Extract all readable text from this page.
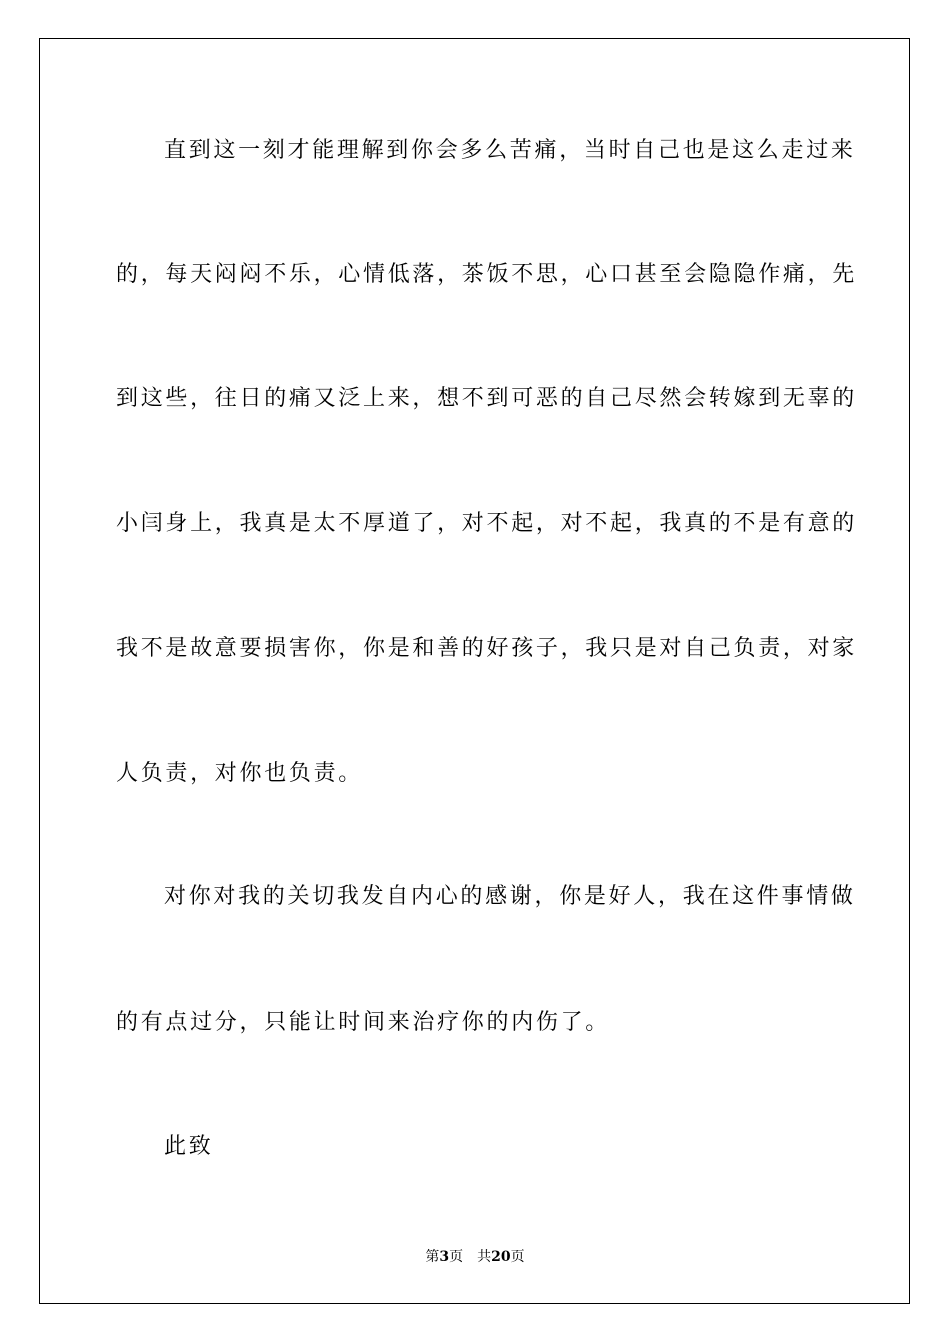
直到这一刻才能理解到你会多么苦痛，当时自己也是这么走过来
的，每天闷闷不乐，心情低落，茶饭不思，心口甚至会隐隐作痛，先
到这些，往日的痛又泛上来，想不到可恶的自己尽然会转嫁到无辜的
小闫身上，我真是太不厚道了，对不起，对不起，我真的不是有意的
我不是故意要损害你，你是和善的好孩子，我只是对自己负责，对家
人负责，对你也负责。
对你对我的关切我发自内心的感谢，你是好人，我在这件事情做
的有点过分，只能让时间来治疗你的内伤了。
此致
第3页 共20页
